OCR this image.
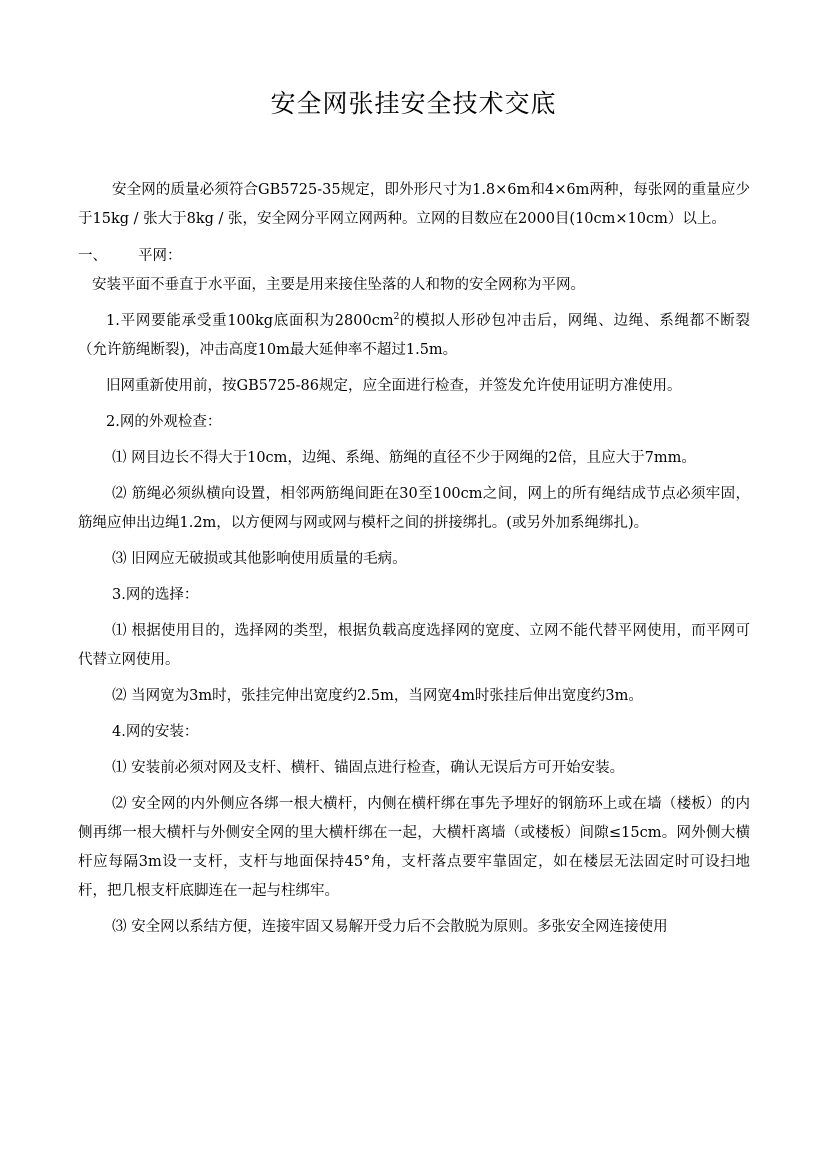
安全网张挂安全技术交底

安全网的质量必须符合GB5725-35规定，即外形尺寸为1.8×6m和4×6m两种，每张网的重量应少于15kg / 张大于8kg / 张，安全网分平网立网两种。立网的目数应在2000目(10cm×10cm）以上。

一、 平网：

安装平面不垂直于水平面，主要是用来接住坠落的人和物的安全网称为平网。

1.平网要能承受重100kg底面积为$2800cm^2$的模拟人形砂包冲击后，网绳、边绳、系绳都不断裂（允许筋绳断裂)，冲击高度10m最大延伸率不超过1.5m。

旧网重新使用前，按GB5725-86规定，应全面进行检查，并签发允许使用证明方准使用。

2.网的外观检查：

⑴ 网目边长不得大于10cm，边绳、系绳、筋绳的直径不少于网绳的2倍，且应大于7mm。

⑵ 筋绳必须纵横向设置，相邻两筋绳间距在30至100cm之间，网上的所有绳结成节点必须牢固，筋绳应伸出边绳1.2m，以方便网与网或网与模杆之间的拼接绑扎。(或另外加系绳绑扎)。

⑶ 旧网应无破损或其他影响使用质量的毛病。

3.网的选择：

⑴ 根据使用目的，选择网的类型，根据负载高度选择网的宽度、立网不能代替平网使用，而平网可代替立网使用。

⑵ 当网宽为3m时，张挂完伸出宽度约2.5m，当网宽4m时张挂后伸出宽度约3m。

4.网的安装：

⑴ 安装前必须对网及支杆、横杆、锚固点进行检查，确认无误后方可开始安装。

⑵ 安全网的内外侧应各绑一根大横杆，内侧在横杆绑在事先予埋好的钢筋环上或在墙（楼板）的内侧再绑一根大横杆与外侧安全网的里大横杆绑在一起，大横杆离墙（或楼板）间隙≤15cm。网外侧大横杆应每隔3m设一支杆，支杆与地面保持45°角，支杆落点要牢靠固定，如在楼层无法固定时可设扫地杆，把几根支杆底脚连在一起与柱绑牢。

⑶ 安全网以系结方便，连接牢固又易解开受力后不会散脱为原则。多张安全网连接使用
